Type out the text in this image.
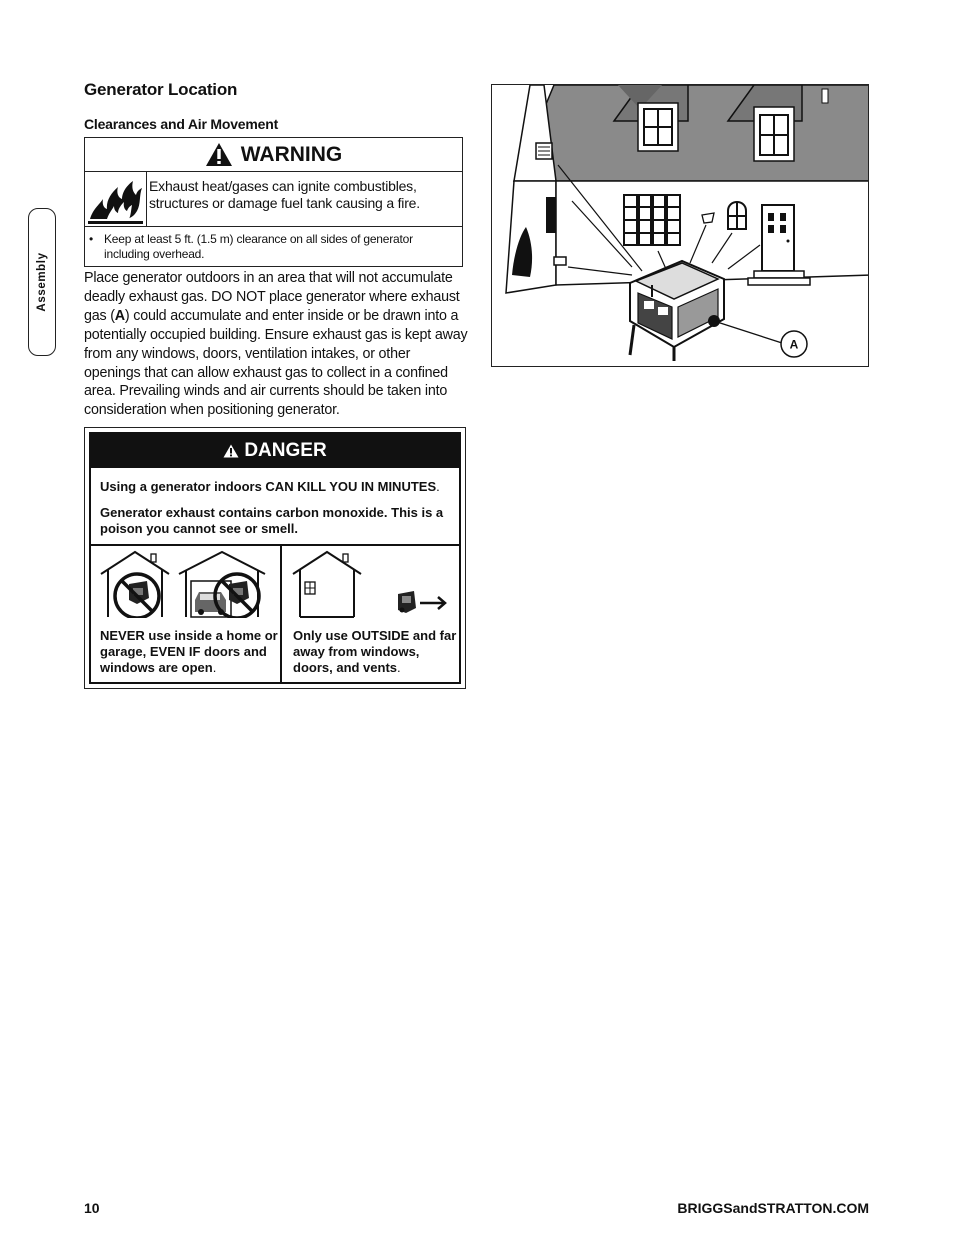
Assembly
Generator Location
Clearances and Air Movement
WARNING
Exhaust heat/gases can ignite combustibles, structures or damage fuel tank causing a fire.
• Keep at least 5 ft. (1.5 m) clearance on all sides of generator including overhead.
Place generator outdoors in an area that will not accumulate deadly exhaust gas. DO NOT place generator where exhaust gas (A) could accumulate and enter inside or be drawn into a potentially occupied building. Ensure exhaust gas is kept away from any windows, doors, ventilation intakes, or other openings that can allow exhaust gas to collect in a confined area. Prevailing winds and air currents should be taken into consideration when positioning generator.
DANGER
Using a generator indoors CAN KILL YOU IN MINUTES.
Generator exhaust contains carbon monoxide. This is a poison you cannot see or smell.
NEVER use inside a home or garage, EVEN IF doors and windows are open.
Only use OUTSIDE and far away from windows, doors, and vents.
A
10	BRIGGSandSTRATTON.COM
